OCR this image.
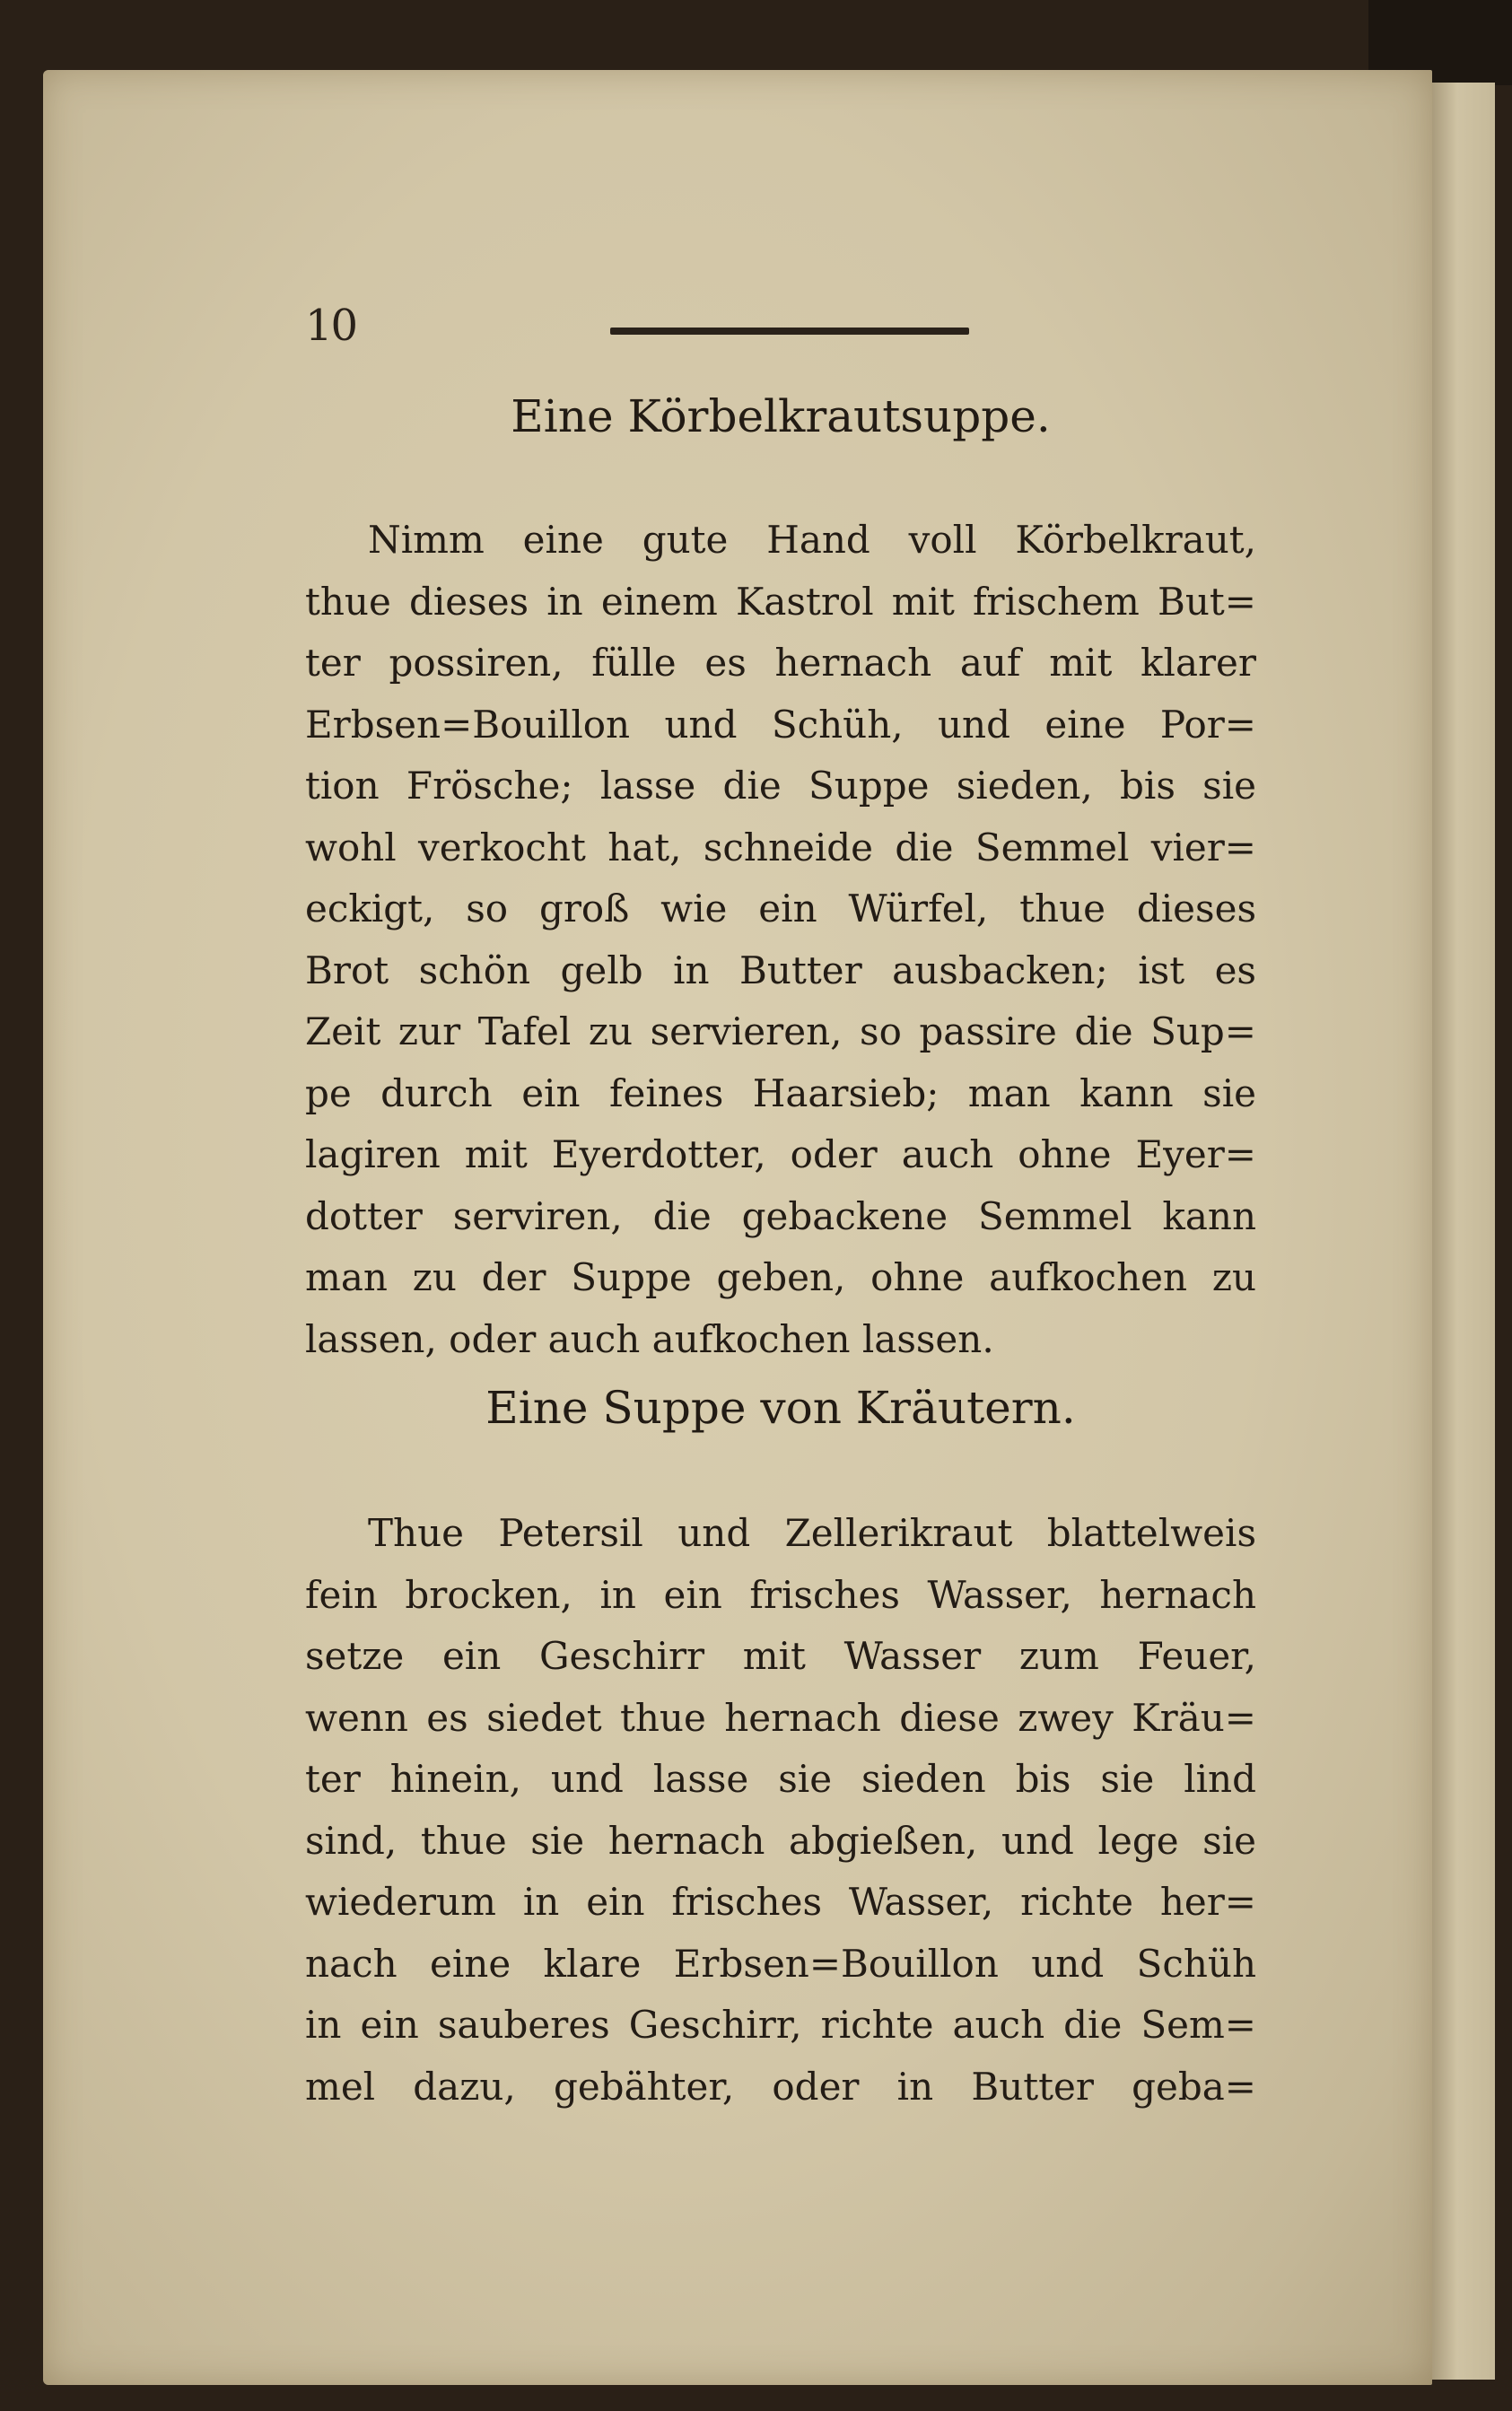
10
Eine Körbelkrautsuppe.
Nimm eine gute Hand voll Körbelkraut,
thue dieses in einem Kastrol mit frischem But=
ter possiren, fülle es hernach auf mit klarer
Erbsen=Bouillon und Schüh, und eine Por=
tion Frösche; lasse die Suppe sieden, bis sie
wohl verkocht hat, schneide die Semmel vier=
eckigt, so groß wie ein Würfel, thue dieses
Brot schön gelb in Butter ausbacken; ist es
Zeit zur Tafel zu servieren, so passire die Sup=
pe durch ein feines Haarsieb; man kann sie
lagiren mit Eyerdotter, oder auch ohne Eyer=
dotter serviren, die gebackene Semmel kann
man zu der Suppe geben, ohne aufkochen zu
lassen, oder auch aufkochen lassen.
Eine Suppe von Kräutern.
Thue Petersil und Zellerikraut blattelweis
fein brocken, in ein frisches Wasser, hernach
setze ein Geschirr mit Wasser zum Feuer,
wenn es siedet thue hernach diese zwey Kräu=
ter hinein, und lasse sie sieden bis sie lind
sind, thue sie hernach abgießen, und lege sie
wiederum in ein frisches Wasser, richte her=
nach eine klare Erbsen=Bouillon und Schüh
in ein sauberes Geschirr, richte auch die Sem=
mel dazu, gebähter, oder in Butter geba=
